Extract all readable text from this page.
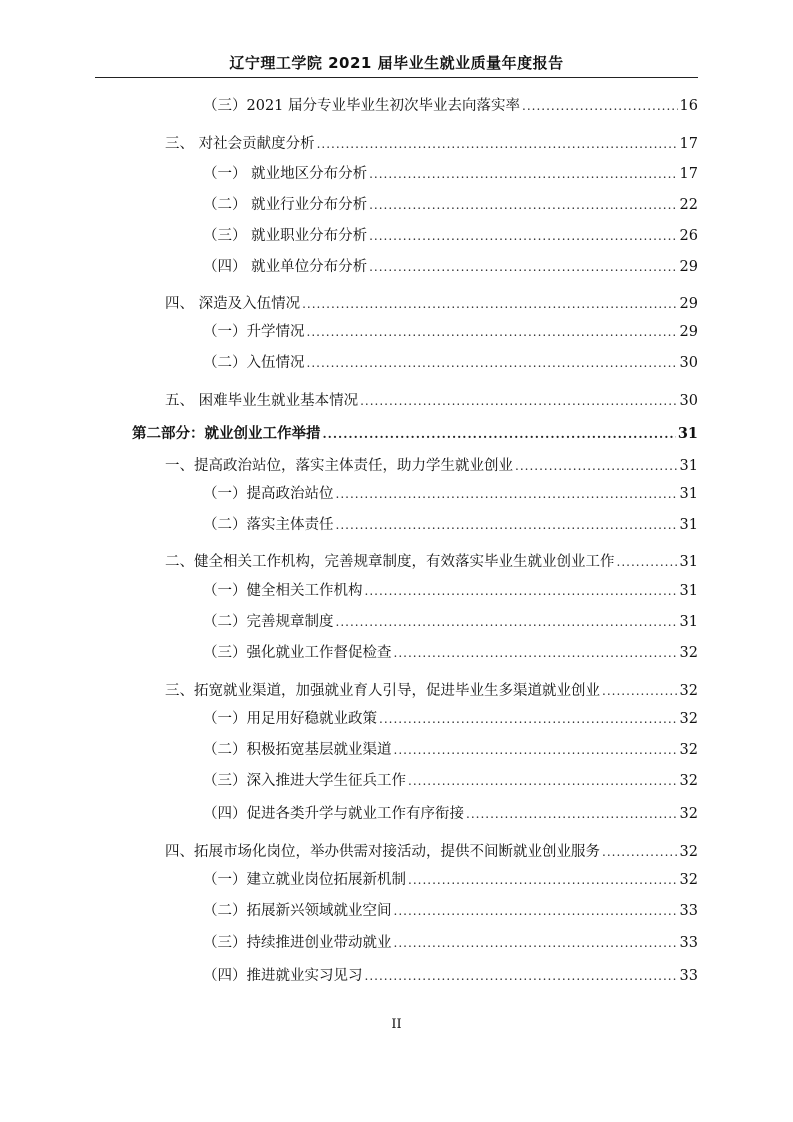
辽宁理工学院 2021 届毕业生就业质量年度报告
（三）2021 届分专业毕业生初次毕业去向落实率 .....	16
三、 对社会贡献度分析 .....	17
（一） 就业地区分布分析 .....	17
（二） 就业行业分布分析 .....	22
（三） 就业职业分布分析 .....	26
（四） 就业单位分布分析 .....	29
四、 深造及入伍情况 .....	29
（一）升学情况 .....	29
（二）入伍情况 .....	30
五、 困难毕业生就业基本情况 .....	30
第二部分：就业创业工作举措 .....	31
一、提高政治站位，落实主体责任，助力学生就业创业 .....	31
（一）提高政治站位 .....	31
（二）落实主体责任 .....	31
二、健全相关工作机构，完善规章制度，有效落实毕业生就业创业工作 .....	31
（一）健全相关工作机构 .....	31
（二）完善规章制度 .....	31
（三）强化就业工作督促检查 .....	32
三、拓宽就业渠道，加强就业育人引导，促进毕业生多渠道就业创业 .....	32
（一）用足用好稳就业政策 .....	32
（二）积极拓宽基层就业渠道 .....	32
（三）深入推进大学生征兵工作 .....	32
（四）促进各类升学与就业工作有序衔接 .....	32
四、拓展市场化岗位，举办供需对接活动，提供不间断就业创业服务 .....	32
（一）建立就业岗位拓展新机制 .....	32
（二）拓展新兴领域就业空间 .....	33
（三）持续推进创业带动就业 .....	33
（四）推进就业实习见习 .....	33
II
